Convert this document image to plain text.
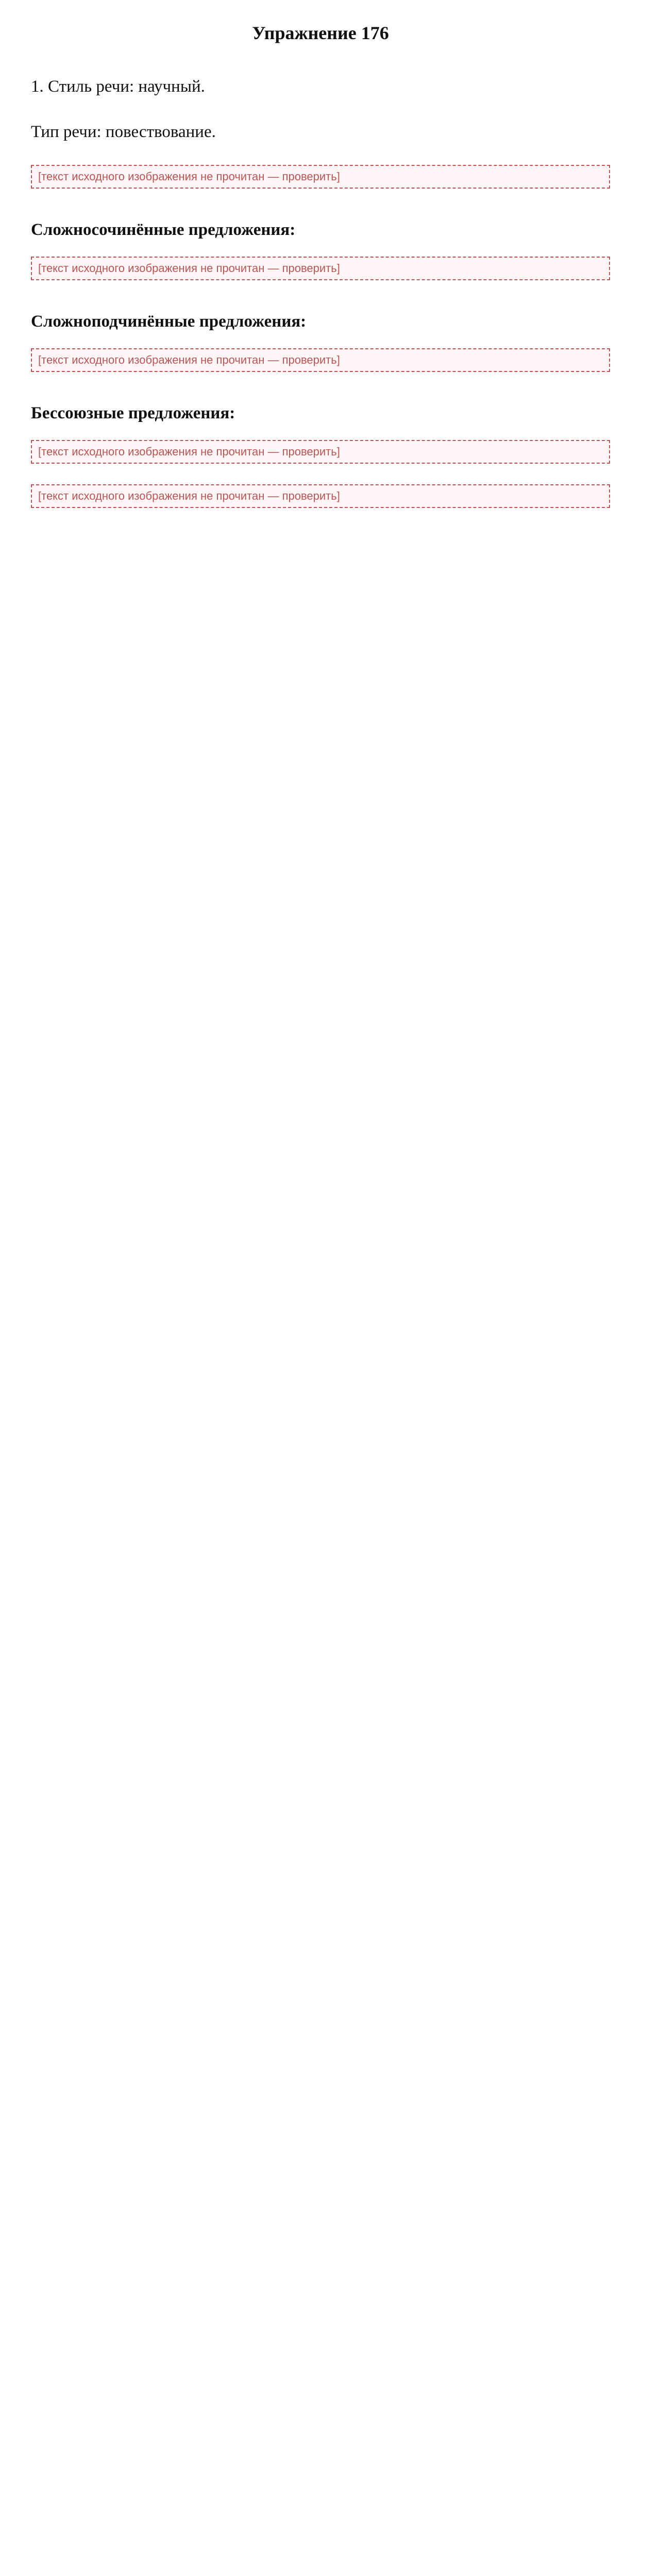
Упражнение 176
1. Стиль речи: научный.
Тип речи: повествование.
[текст исходного изображения не прочитан — проверить]
Сложносочинённые предложения:
[текст исходного изображения не прочитан — проверить]
Сложноподчинённые предложения:
[текст исходного изображения не прочитан — проверить]
Бессоюзные предложения:
[текст исходного изображения не прочитан — проверить]
[текст исходного изображения не прочитан — проверить]
